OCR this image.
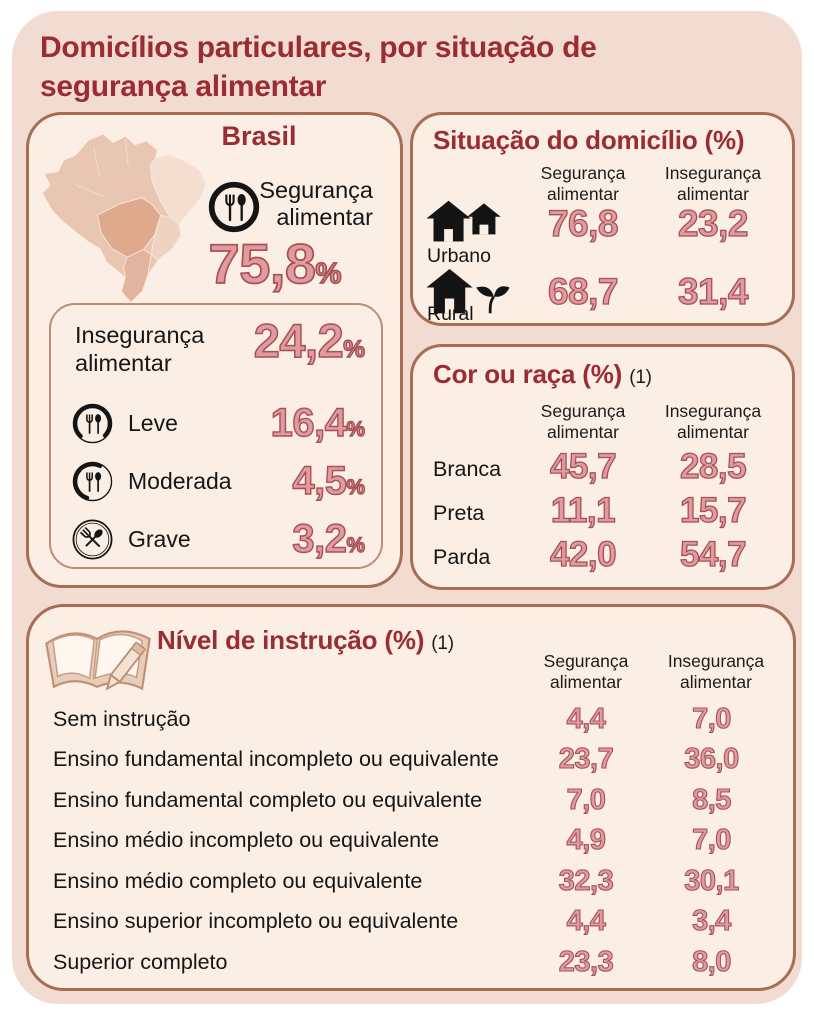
Domicílios particulares, por situação de segurança alimentar
Brasil
Segurança alimentar
75,8%
Insegurança alimentar	24,2%
Leve 16,4%
Moderada 4,5%
Grave	3,2%
Situação do domicílio (%)
Segurança
alimentar
Insegurança
alimentar
Urbano
76,8	23,2
Rural
68,7	31,4
Cor ou raça (%) (1)
Segurança
alimentar
Insegurança
alimentar
Branca	45,7	28,5
Preta	11,1	15,7
Parda	42,0	54,7
Nível de instrução (%) (1)
Segurança
alimentar
Insegurança
alimentar
Sem instrução	4,4	7,0
Ensino fundamental incompleto ou equivalente	23,7	36,0
Ensino fundamental completo ou equivalente	7,0	8,5
Ensino médio incompleto ou equivalente	4,9	7,0
Ensino médio completo ou equivalente	32,3	30,1
Ensino superior incompleto ou equivalente	4,4	3,4
Superior completo	23,3	8,0
